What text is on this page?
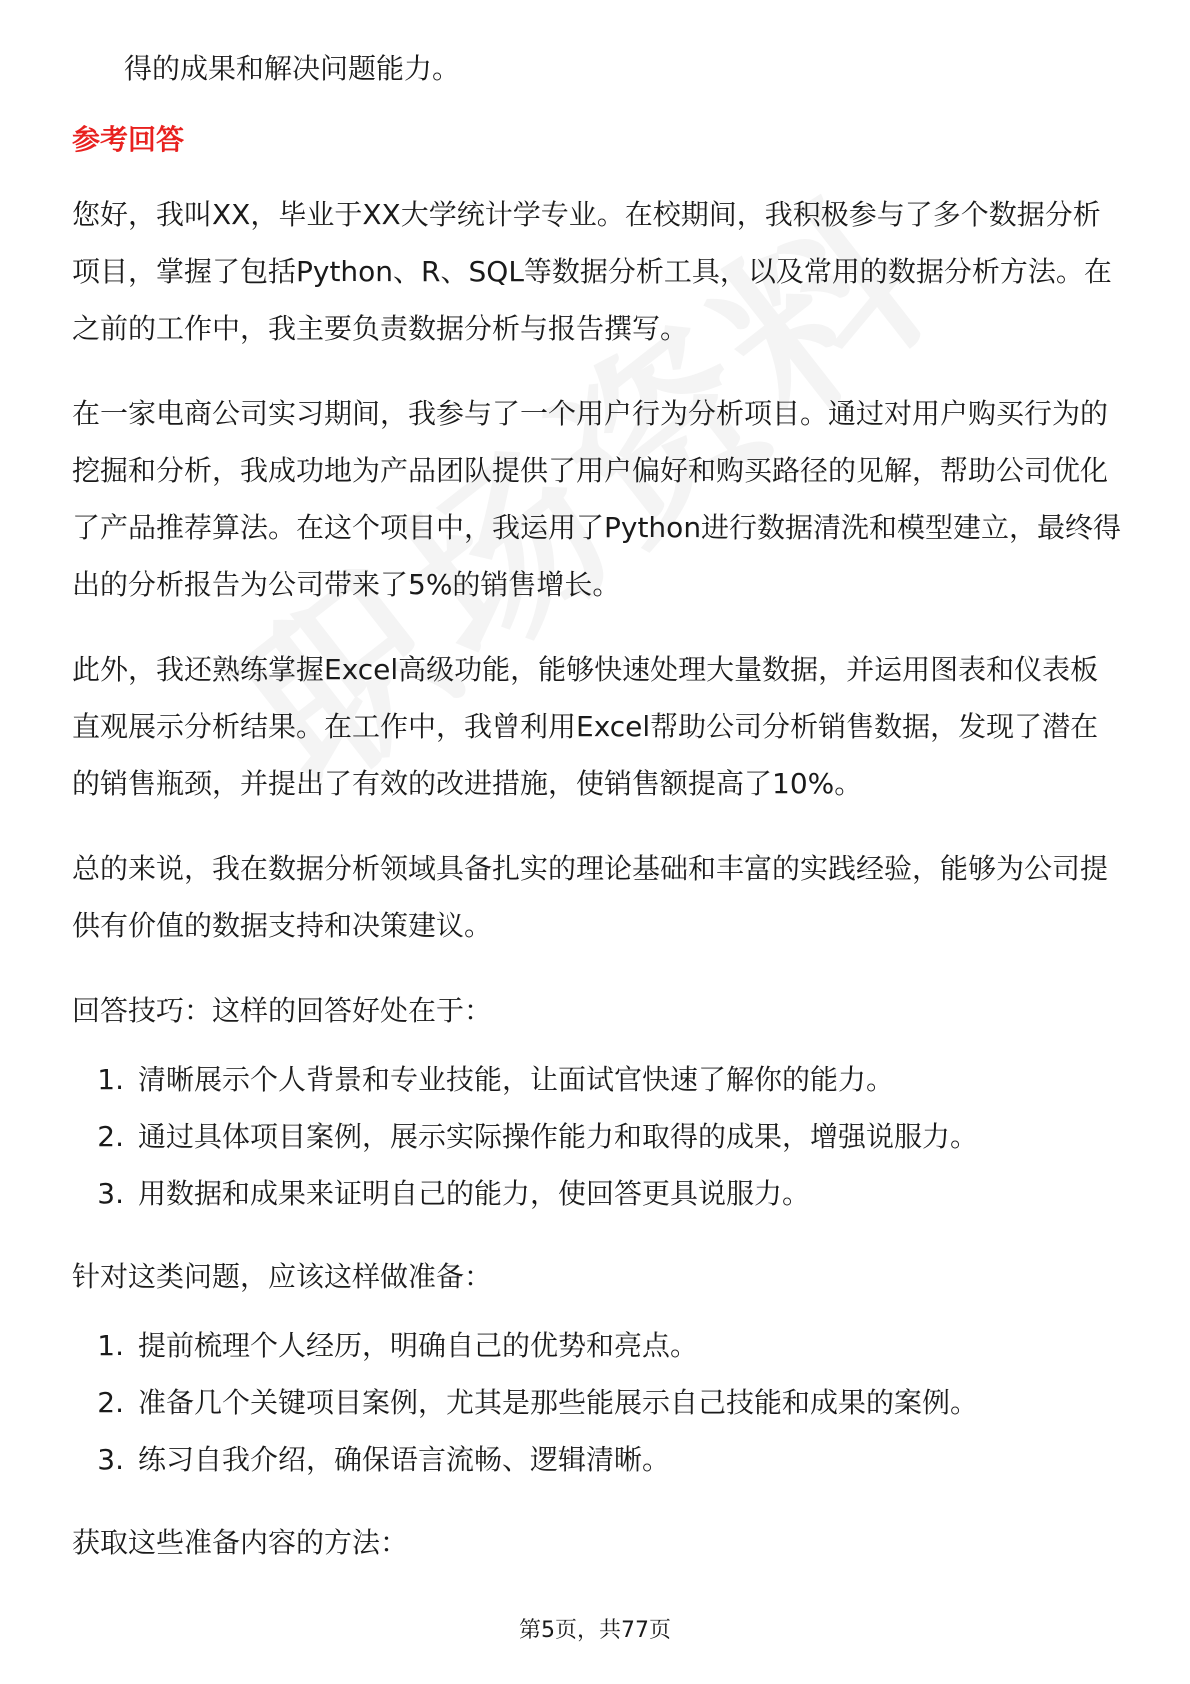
得的成果和解决问题能力。

参考回答

您好，我叫XX，毕业于XX大学统计学专业。在校期间，我积极参与了多个数据分析项目，掌握了包括Python、R、SQL等数据分析工具，以及常用的数据分析方法。在之前的工作中，我主要负责数据分析与报告撰写。

在一家电商公司实习期间，我参与了一个用户行为分析项目。通过对用户购买行为的挖掘和分析，我成功地为产品团队提供了用户偏好和购买路径的见解，帮助公司优化了产品推荐算法。在这个项目中，我运用了Python进行数据清洗和模型建立，最终得出的分析报告为公司带来了5%的销售增长。

此外，我还熟练掌握Excel高级功能，能够快速处理大量数据，并运用图表和仪表板直观展示分析结果。在工作中，我曾利用Excel帮助公司分析销售数据，发现了潜在的销售瓶颈，并提出了有效的改进措施，使销售额提高了10%。

总的来说，我在数据分析领域具备扎实的理论基础和丰富的实践经验，能够为公司提供有价值的数据支持和决策建议。

回答技巧：这样的回答好处在于：

1. 清晰展示个人背景和专业技能，让面试官快速了解你的能力。
2. 通过具体项目案例，展示实际操作能力和取得的成果，增强说服力。
3. 用数据和成果来证明自己的能力，使回答更具说服力。

针对这类问题，应该这样做准备：

1. 提前梳理个人经历，明确自己的优势和亮点。
2. 准备几个关键项目案例，尤其是那些能展示自己技能和成果的案例。
3. 练习自我介绍，确保语言流畅、逻辑清晰。

获取这些准备内容的方法：

第5页，共77页
